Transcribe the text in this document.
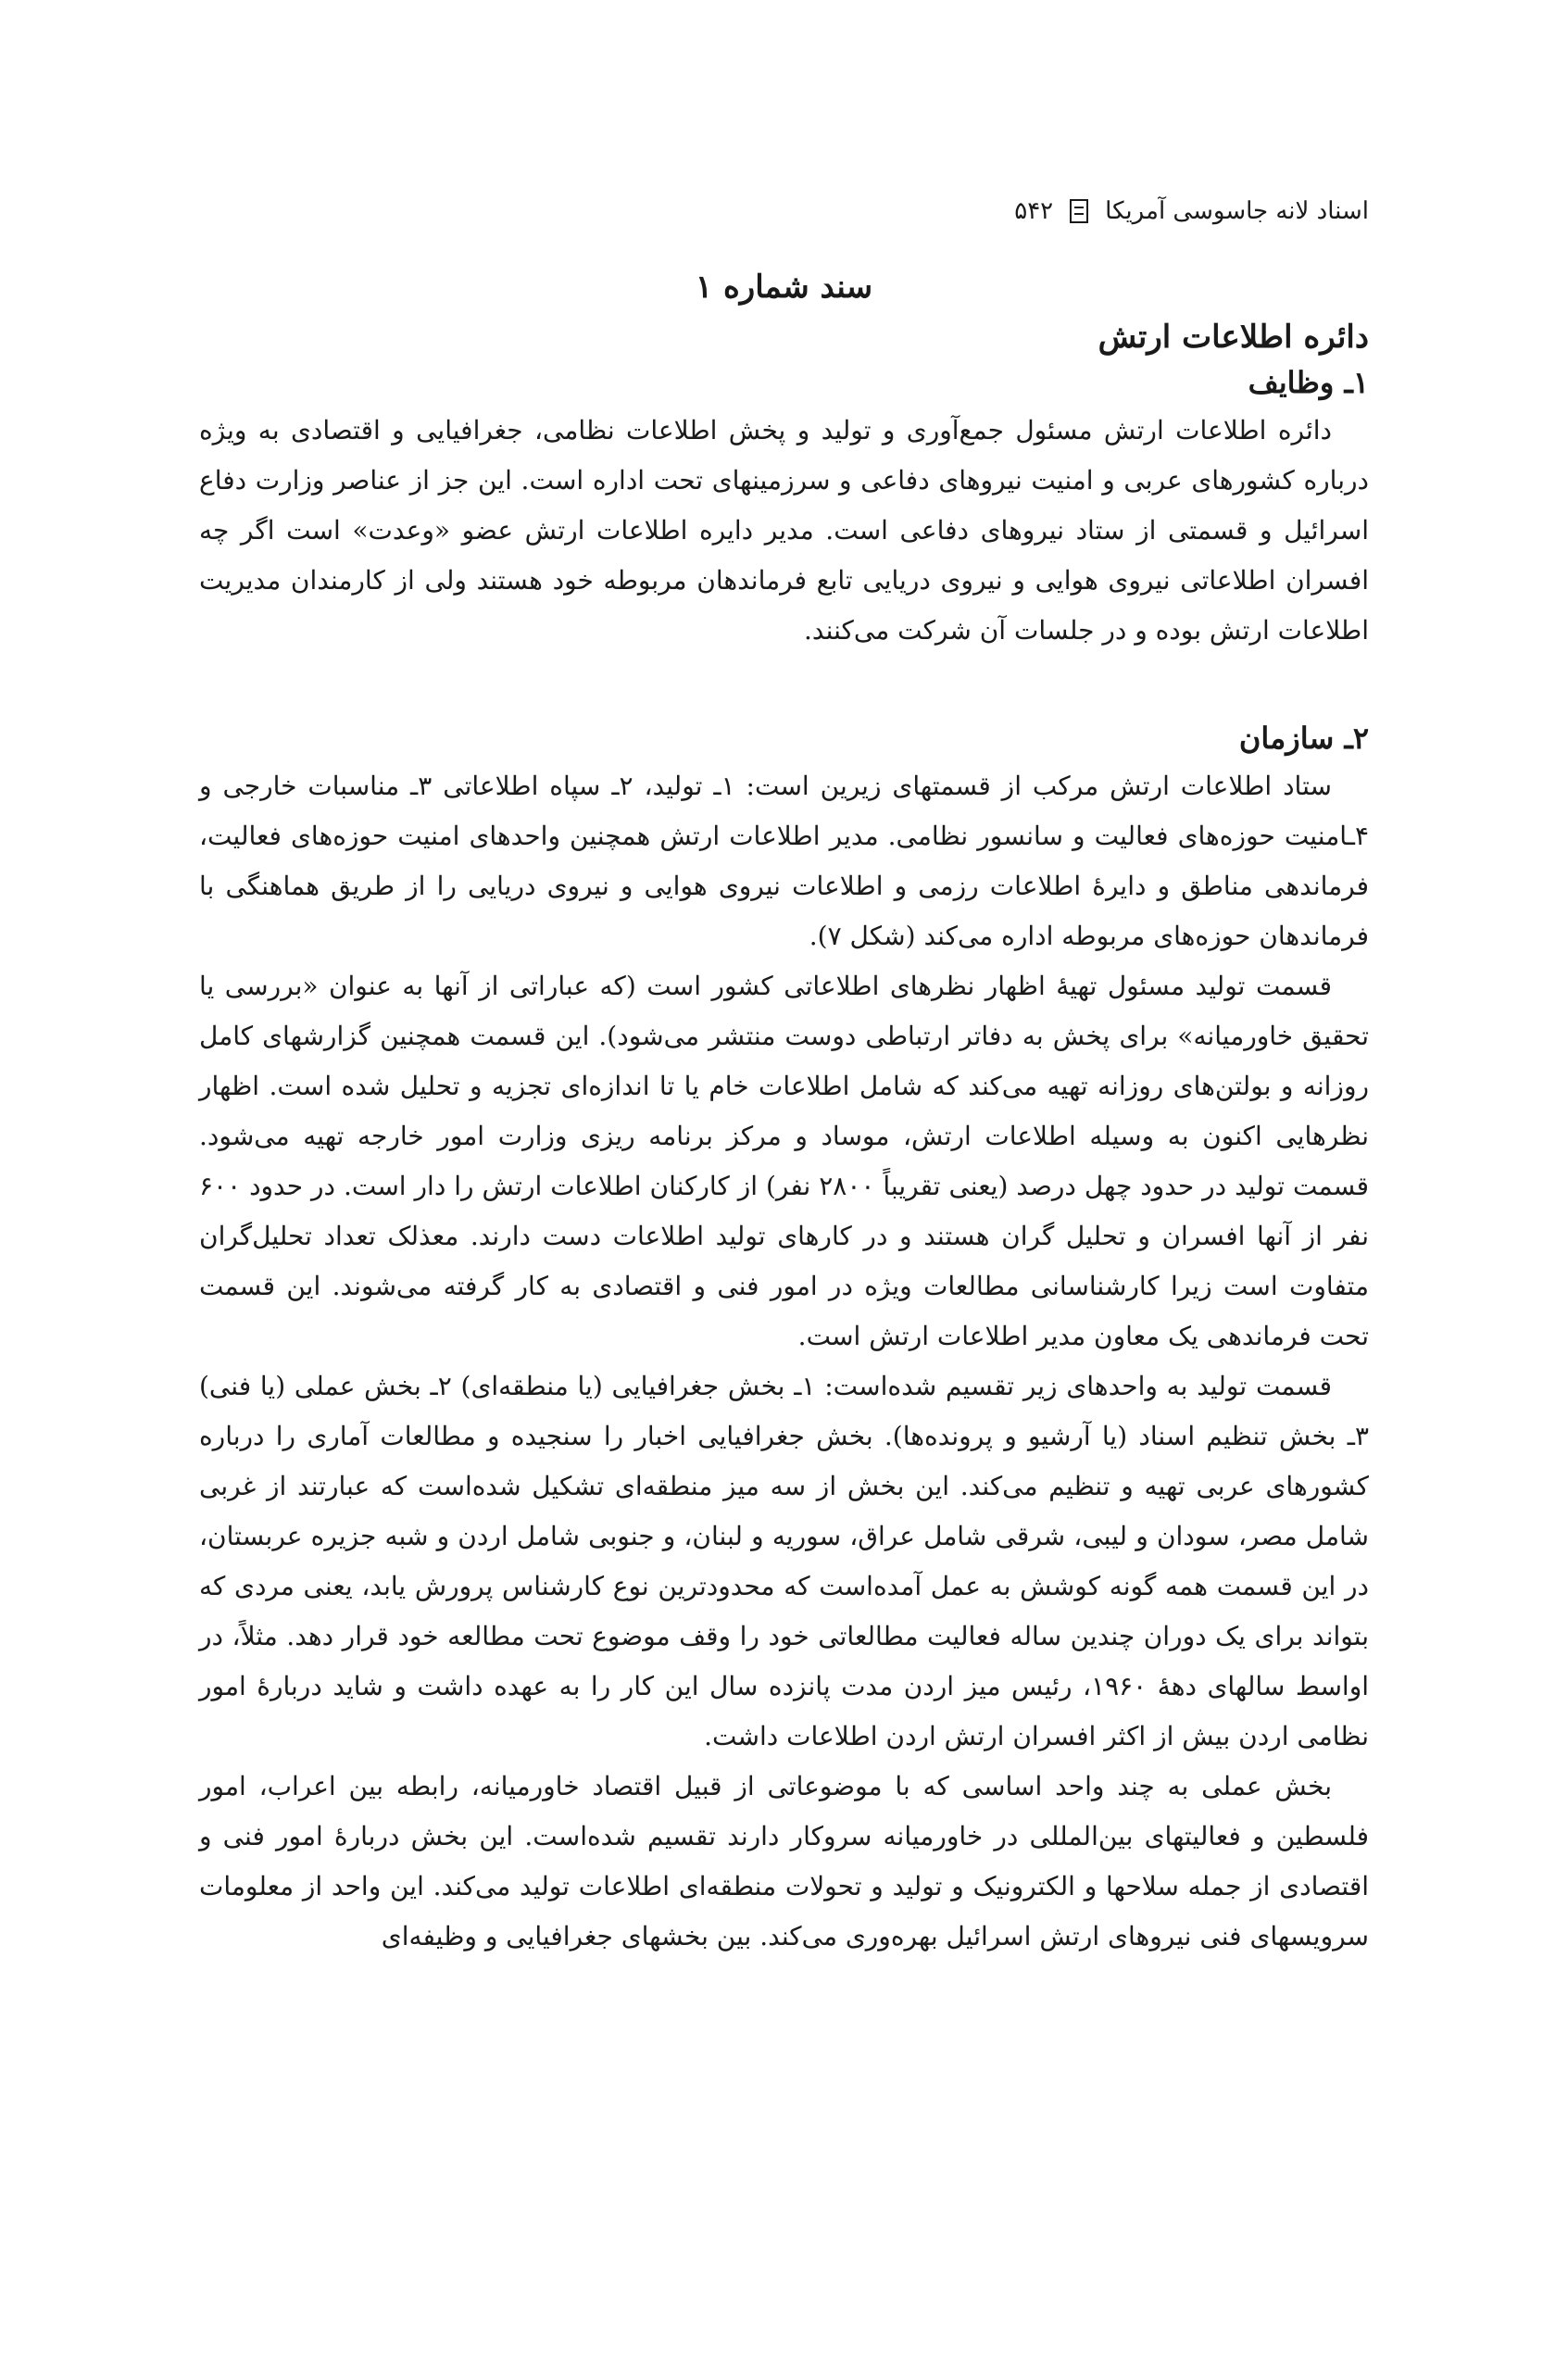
اسناد لانه جاسوسی آمریکا
۵۴۲
سند شماره ۱
دائره اطلاعات ارتش
۱ـ وظایف

دائره اطلاعات ارتش مسئول جمع‌آوری و تولید و پخش اطلاعات نظامی، جغرافیایی و اقتصادی به ویژه درباره کشورهای عربی و امنیت نیروهای دفاعی و سرزمینهای تحت اداره است. این جز از عناصر وزارت دفاع اسرائیل و قسمتی از ستاد نیروهای دفاعی است. مدیر دایره اطلاعات ارتش عضو «وعدت» است اگر چه افسران اطلاعاتی نیروی هوایی و نیروی دریایی تابع فرماندهان مربوطه خود هستند ولی از کارمندان مدیریت اطلاعات ارتش بوده و در جلسات آن شرکت می‌کنند.

۲ـ سازمان

ستاد اطلاعات ارتش مرکب از قسمتهای زیرین است: ۱ـ تولید، ۲ـ سپاه اطلاعاتی ۳ـ مناسبات خارجی و ۴ـامنیت حوزه‌های فعالیت و سانسور نظامی. مدیر اطلاعات ارتش همچنین واحدهای امنیت حوزه‌های فعالیت، فرماندهی مناطق و دایرهٔ اطلاعات رزمی و اطلاعات نیروی هوایی و نیروی دریایی را از طریق هماهنگی با فرماندهان حوزه‌های مربوطه اداره می‌کند (شکل ۷).

قسمت تولید مسئول تهیهٔ اظهار نظرهای اطلاعاتی کشور است (که عباراتی از آنها به عنوان «بررسی یا تحقیق خاورمیانه» برای پخش به دفاتر ارتباطی دوست منتشر می‌شود). این قسمت همچنین گزارشهای کامل روزانه و بولتن‌های روزانه تهیه می‌کند که شامل اطلاعات خام یا تا اندازه‌ای تجزیه و تحلیل شده است. اظهار نظرهایی اکنون به وسیله اطلاعات ارتش، موساد و مرکز برنامه ریزی وزارت امور خارجه تهیه می‌شود. قسمت تولید در حدود چهل درصد (یعنی تقریباً ۲۸۰۰ نفر) از کارکنان اطلاعات ارتش را دار است. در حدود ۶۰۰ نفر از آنها افسران و تحلیل گران هستند و در کارهای تولید اطلاعات دست دارند. معذلک تعداد تحلیل‌گران متفاوت است زیرا کارشناسانی مطالعات ویژه در امور فنی و اقتصادی به کار گرفته می‌شوند. این قسمت تحت فرماندهی یک معاون مدیر اطلاعات ارتش است.

قسمت تولید به واحدهای زیر تقسیم شده‌است: ۱ـ بخش جغرافیایی (یا منطقه‌ای) ۲ـ بخش عملی (یا فنی) ۳ـ بخش تنظیم اسناد (یا آرشیو و پرونده‌ها). بخش جغرافیایی اخبار را سنجیده و مطالعات آماری را درباره کشورهای عربی تهیه و تنظیم می‌کند. این بخش از سه میز منطقه‌ای تشکیل شده‌است که عبارتند از غربی شامل مصر، سودان و لیبی، شرقی شامل عراق، سوریه و لبنان، و جنوبی شامل اردن و شبه جزیره عربستان، در این قسمت همه گونه کوشش به عمل آمده‌است که محدودترین نوع کارشناس پرورش یابد، یعنی مردی که بتواند برای یک دوران چندین ساله فعالیت مطالعاتی خود را وقف موضوع تحت مطالعه خود قرار دهد. مثلاً، در اواسط سالهای دههٔ ۱۹۶۰، رئیس میز اردن مدت پانزده سال این کار را به عهده داشت و شاید دربارهٔ امور نظامی اردن بیش از اکثر افسران ارتش اردن اطلاعات داشت.

بخش عملی به چند واحد اساسی که با موضوعاتی از قبیل اقتصاد خاورمیانه، رابطه بین اعراب، امور فلسطین و فعالیتهای بین‌المللی در خاورمیانه سروکار دارند تقسیم شده‌است. این بخش دربارهٔ امور فنی و اقتصادی از جمله سلاحها و الکترونیک و تولید و تحولات منطقه‌ای اطلاعات تولید می‌کند. این واحد از معلومات سرویسهای فنی نیروهای ارتش اسرائیل بهره‌وری می‌کند. بین بخشهای جغرافیایی و وظیفه‌ای
